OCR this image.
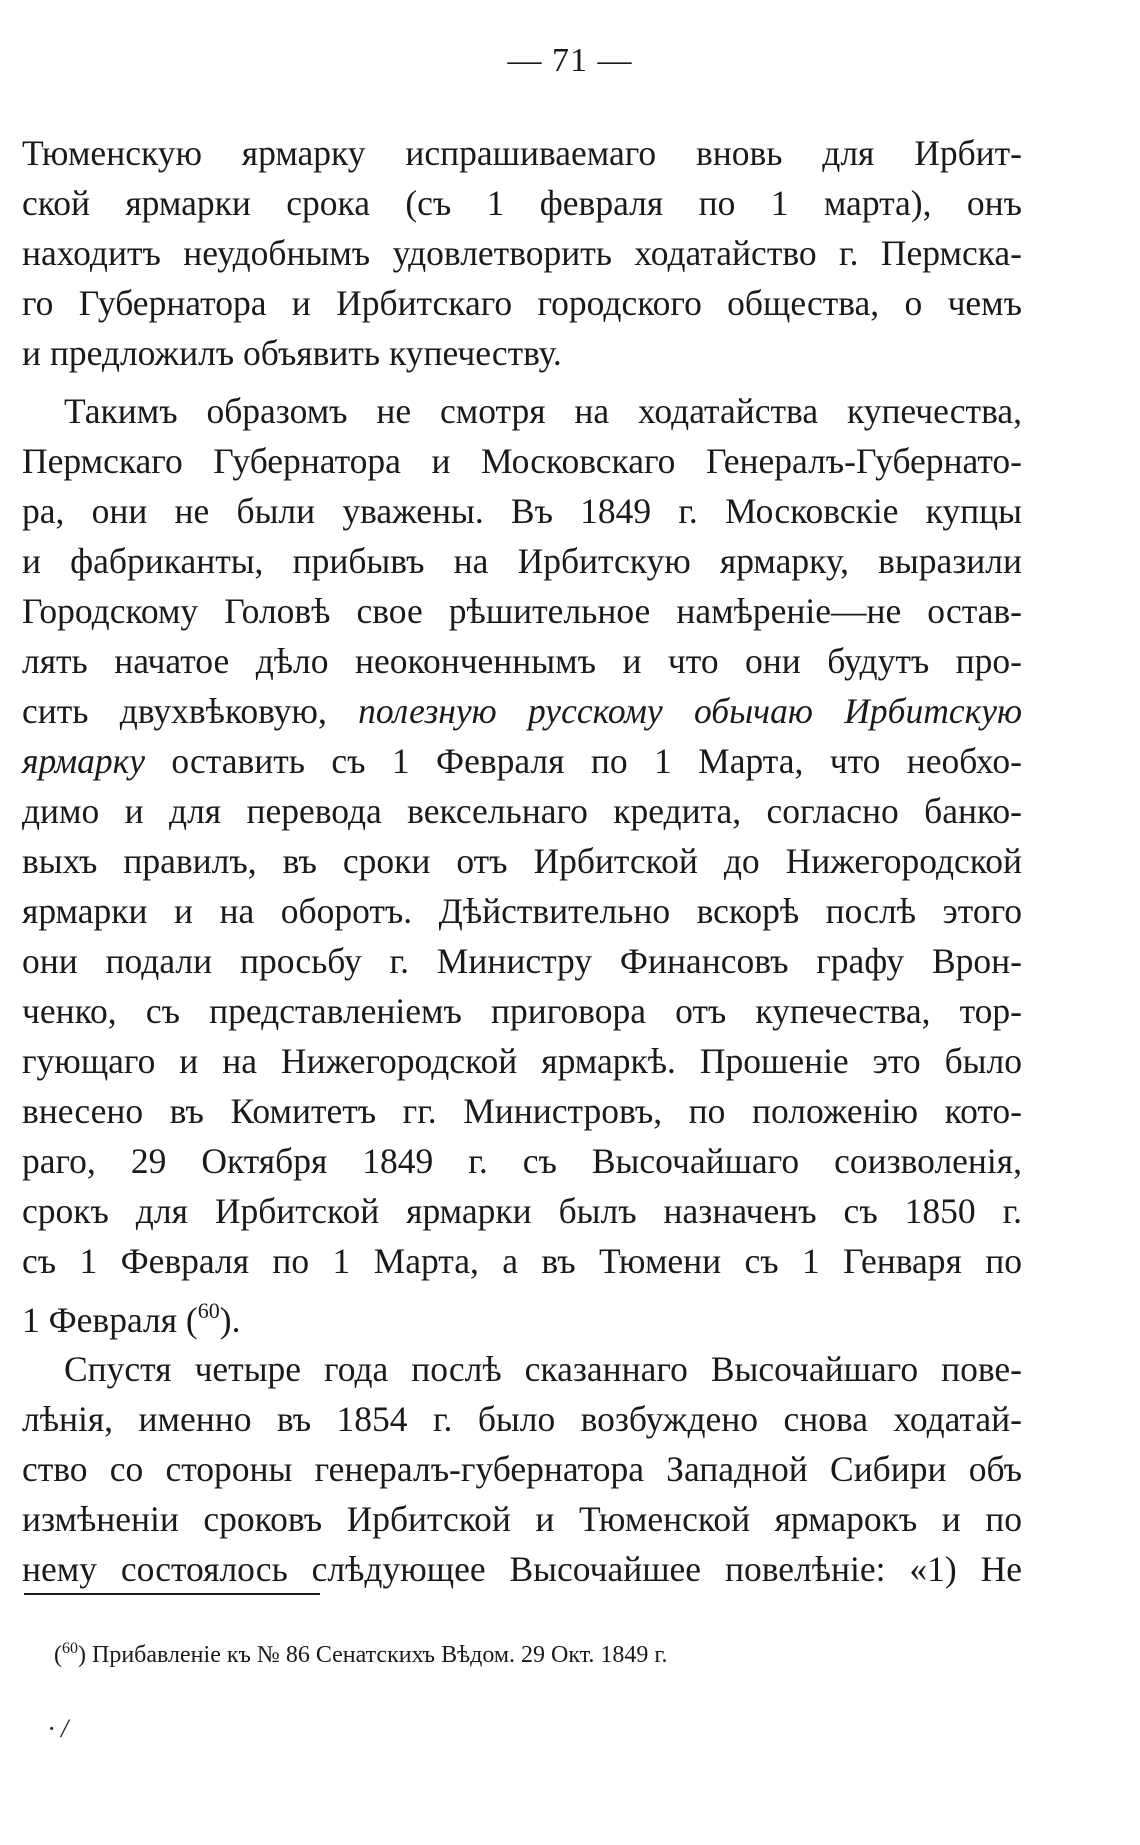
— 71 —
Тюменскую ярмарку испрашиваемаго вновь для Ирбит-
ской ярмарки срока (съ 1 февраля по 1 марта), онъ
находитъ неудобнымъ удовлетворить ходатайство г. Пермска-
го Губернатора и Ирбитскаго городского общества, о чемъ
и предложилъ объявить купечеству.
Такимъ образомъ не смотря на ходатайства купечества,
Пермскаго Губернатора и Московскаго Генералъ-Губернато-
ра, они не были уважены. Въ 1849 г. Московскіе купцы
и фабриканты, прибывъ на Ирбитскую ярмарку, выразили
Городскому Головѣ свое рѣшительное намѣреніе—не остав-
лять начатое дѣло неоконченнымъ и что они будутъ про-
сить двухвѣковую, полезную русскому обычаю Ирбитскую
ярмарку оставить съ 1 Февраля по 1 Марта, что необхо-
димо и для перевода вексельнаго кредита, согласно банко-
выхъ правилъ, въ сроки отъ Ирбитской до Нижегородской
ярмарки и на оборотъ. Дѣйствительно вскорѣ послѣ этого
они подали просьбу г. Министру Финансовъ графу Врон-
ченко, съ представленіемъ приговора отъ купечества, тор-
гующаго и на Нижегородской ярмаркѣ. Прошеніе это было
внесено въ Комитетъ гг. Министровъ, по положенію кото-
раго, 29 Октября 1849 г. съ Высочайшаго соизволенія,
срокъ для Ирбитской ярмарки былъ назначенъ съ 1850 г.
съ 1 Февраля по 1 Марта, а въ Тюмени съ 1 Генваря по
1 Февраля ($^{60}$).
Спустя четыре года послѣ сказаннаго Высочайшаго пове-
лѣнія, именно въ 1854 г. было возбуждено снова ходатай-
ство со стороны генералъ-губернатора Западной Сибири объ
измѣненіи сроковъ Ирбитской и Тюменской ярмарокъ и по
нему состоялось слѣдующее Высочайшее повелѣніе: «1) Не
($^{60}$) Прибавленіе къ № 86 Сенатскихъ Вѣдом. 29 Окт. 1849 г.
· /
